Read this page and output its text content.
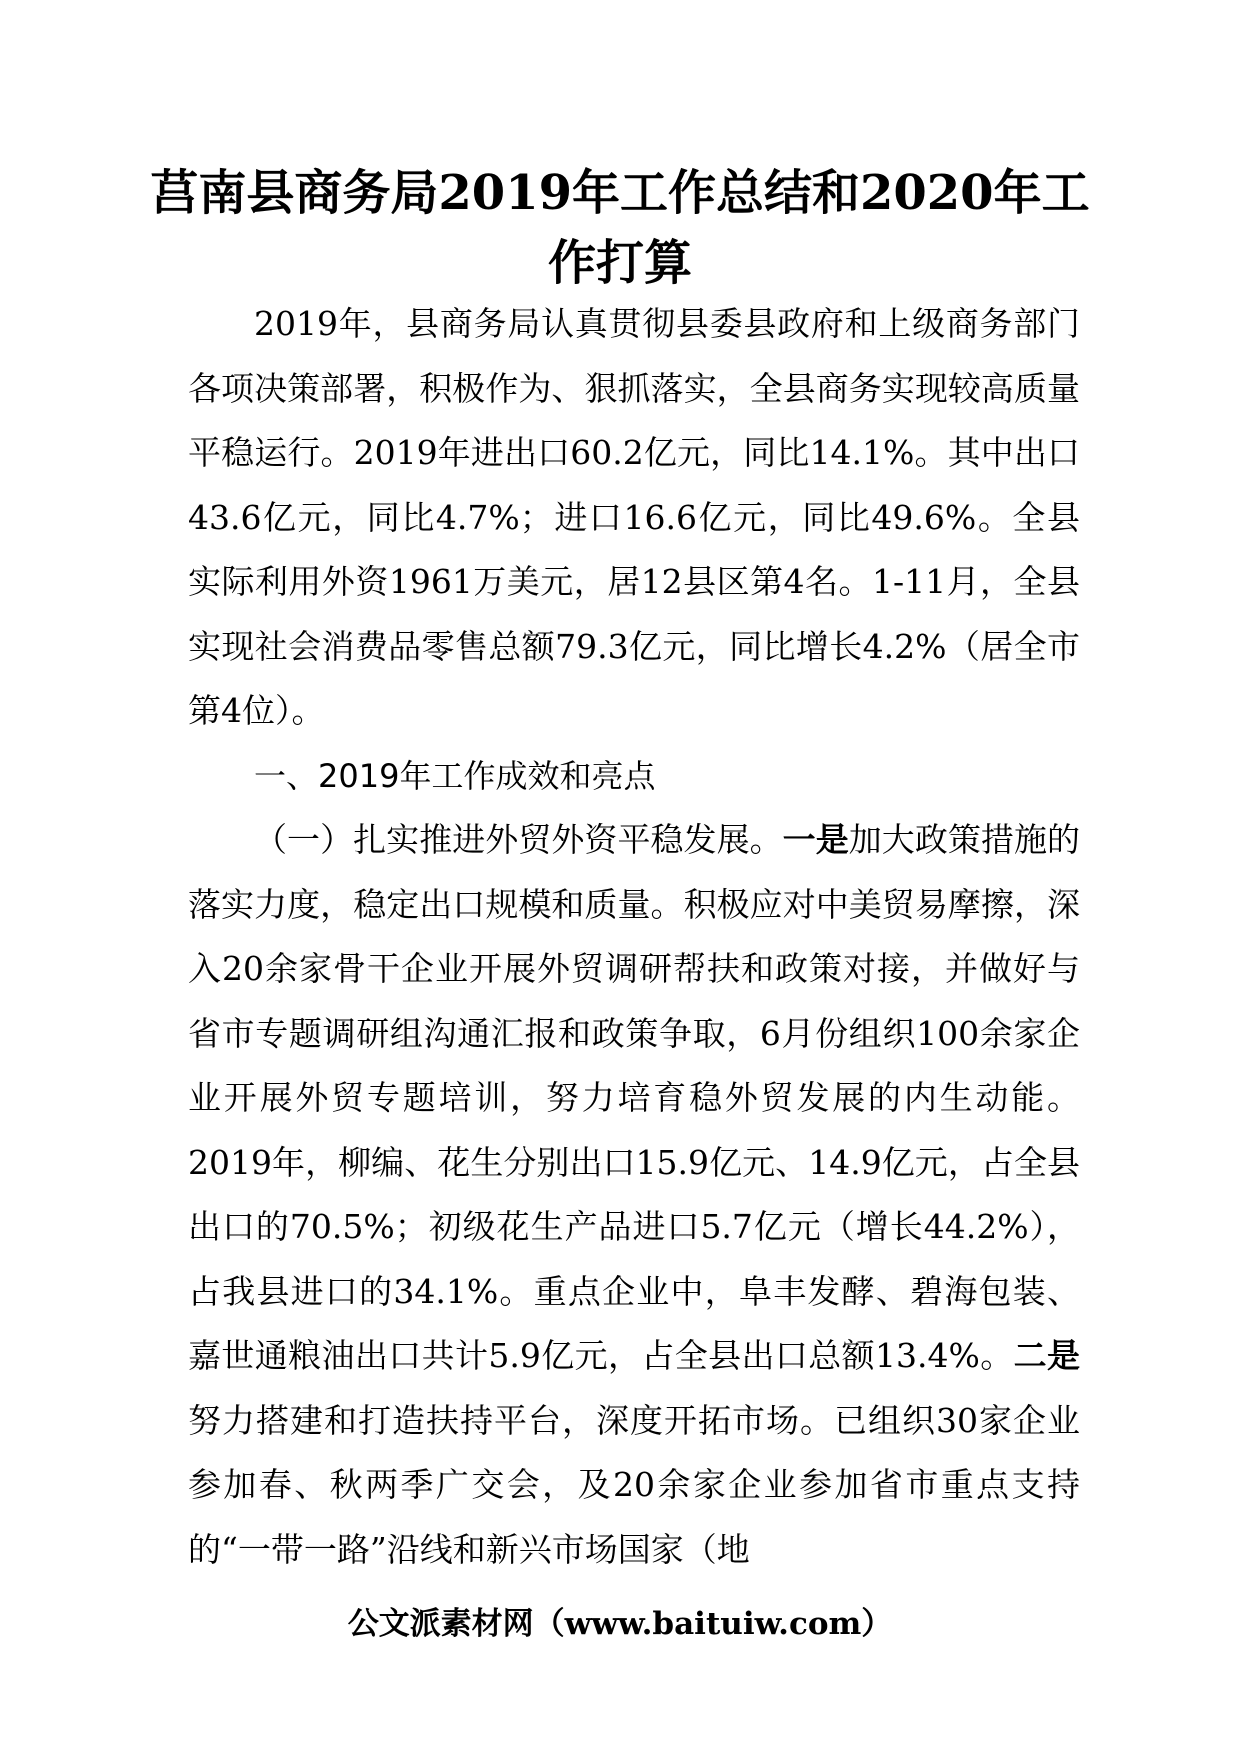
莒南县商务局2019年工作总结和2020年工作打算

2019年，县商务局认真贯彻县委县政府和上级商务部门各项决策部署，积极作为、狠抓落实，全县商务实现较高质量平稳运行。2019年进出口60.2亿元，同比14.1%。其中出口43.6亿元，同比4.7%；进口16.6亿元，同比49.6%。全县实际利用外资1961万美元，居12县区第4名。1-11月，全县实现社会消费品零售总额79.3亿元，同比增长4.2%（居全市第4位）。

一、2019年工作成效和亮点

（一）扎实推进外贸外资平稳发展。一是加大政策措施的落实力度，稳定出口规模和质量。积极应对中美贸易摩擦，深入20余家骨干企业开展外贸调研帮扶和政策对接，并做好与省市专题调研组沟通汇报和政策争取，6月份组织100余家企业开展外贸专题培训，努力培育稳外贸发展的内生动能。2019年，柳编、花生分别出口15.9亿元、14.9亿元，占全县出口的70.5%；初级花生产品进口5.7亿元（增长44.2%），占我县进口的34.1%。重点企业中，阜丰发酵、碧海包装、嘉世通粮油出口共计5.9亿元，占全县出口总额13.4%。二是努力搭建和打造扶持平台，深度开拓市场。已组织30家企业参加春、秋两季广交会，及20余家企业参加省市重点支持的“一带一路”沿线和新兴市场国家（地

公文派素材网（www.baituiw.com）
